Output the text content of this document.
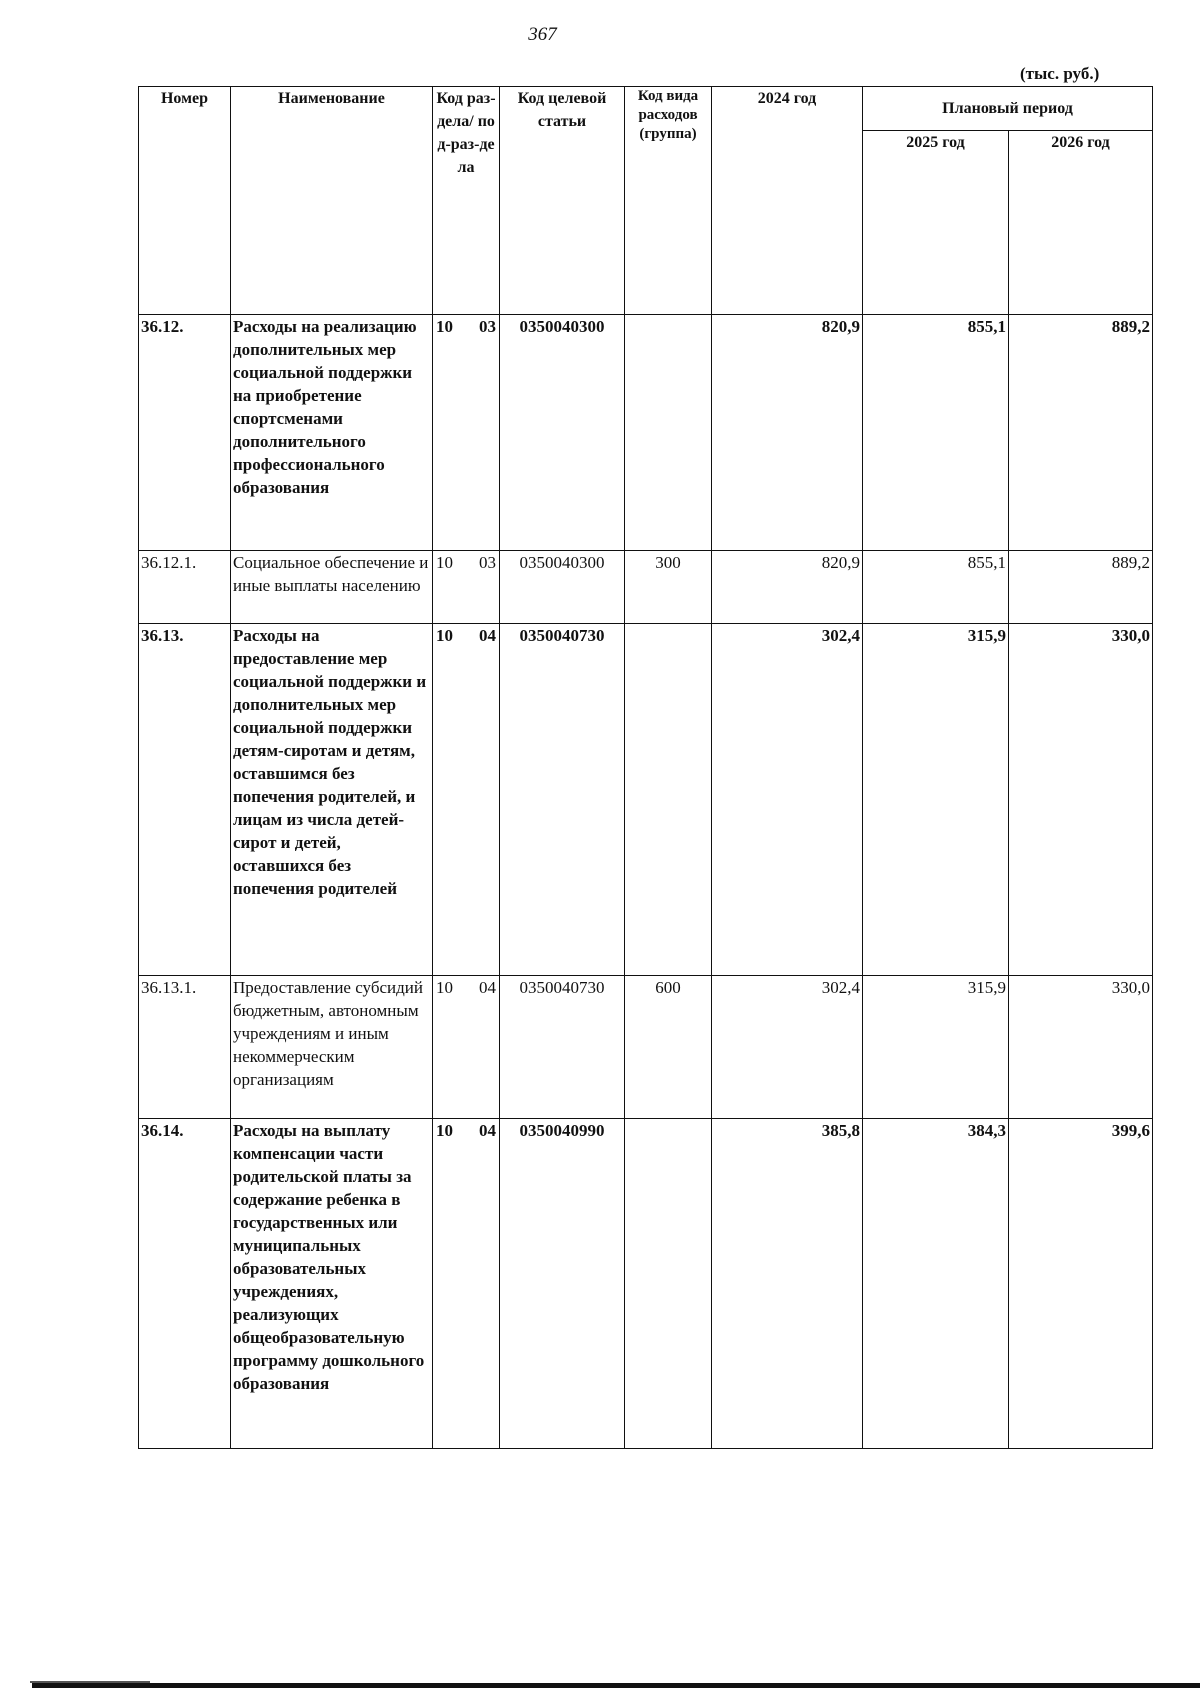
367
(тыс. руб.)
Номер	Наименование	Код раз-дела/ под-раз-дела	Код целевой статьи	Код вида расходов (группа)	2024 год	Плановый период	
						2025 год	2026 год
36.12.	Расходы на реализацию дополнительных мер социальной поддержки на приобретение спортсменами дополнительного профессионального образования	10 03	0350040300		820,9	855,1	889,2
36.12.1.	Социальное обеспечение и иные выплаты населению	10 03	0350040300	300	820,9	855,1	889,2
36.13.	Расходы на предоставление мер социальной поддержки и дополнительных мер социальной поддержки детям-сиротам и детям, оставшимся без попечения родителей, и лицам из числа детей-сирот и детей, оставшихся без попечения родителей	10 04	0350040730		302,4	315,9	330,0
36.13.1.	Предоставление субсидий бюджетным, автономным учреждениям и иным некоммерческим организациям	10 04	0350040730	600	302,4	315,9	330,0
36.14.	Расходы на выплату компенсации части родительской платы за содержание ребенка в государственных или муниципальных образовательных учреждениях, реализующих общеобразовательную программу дошкольного образования	10 04	0350040990		385,8	384,3	399,6
